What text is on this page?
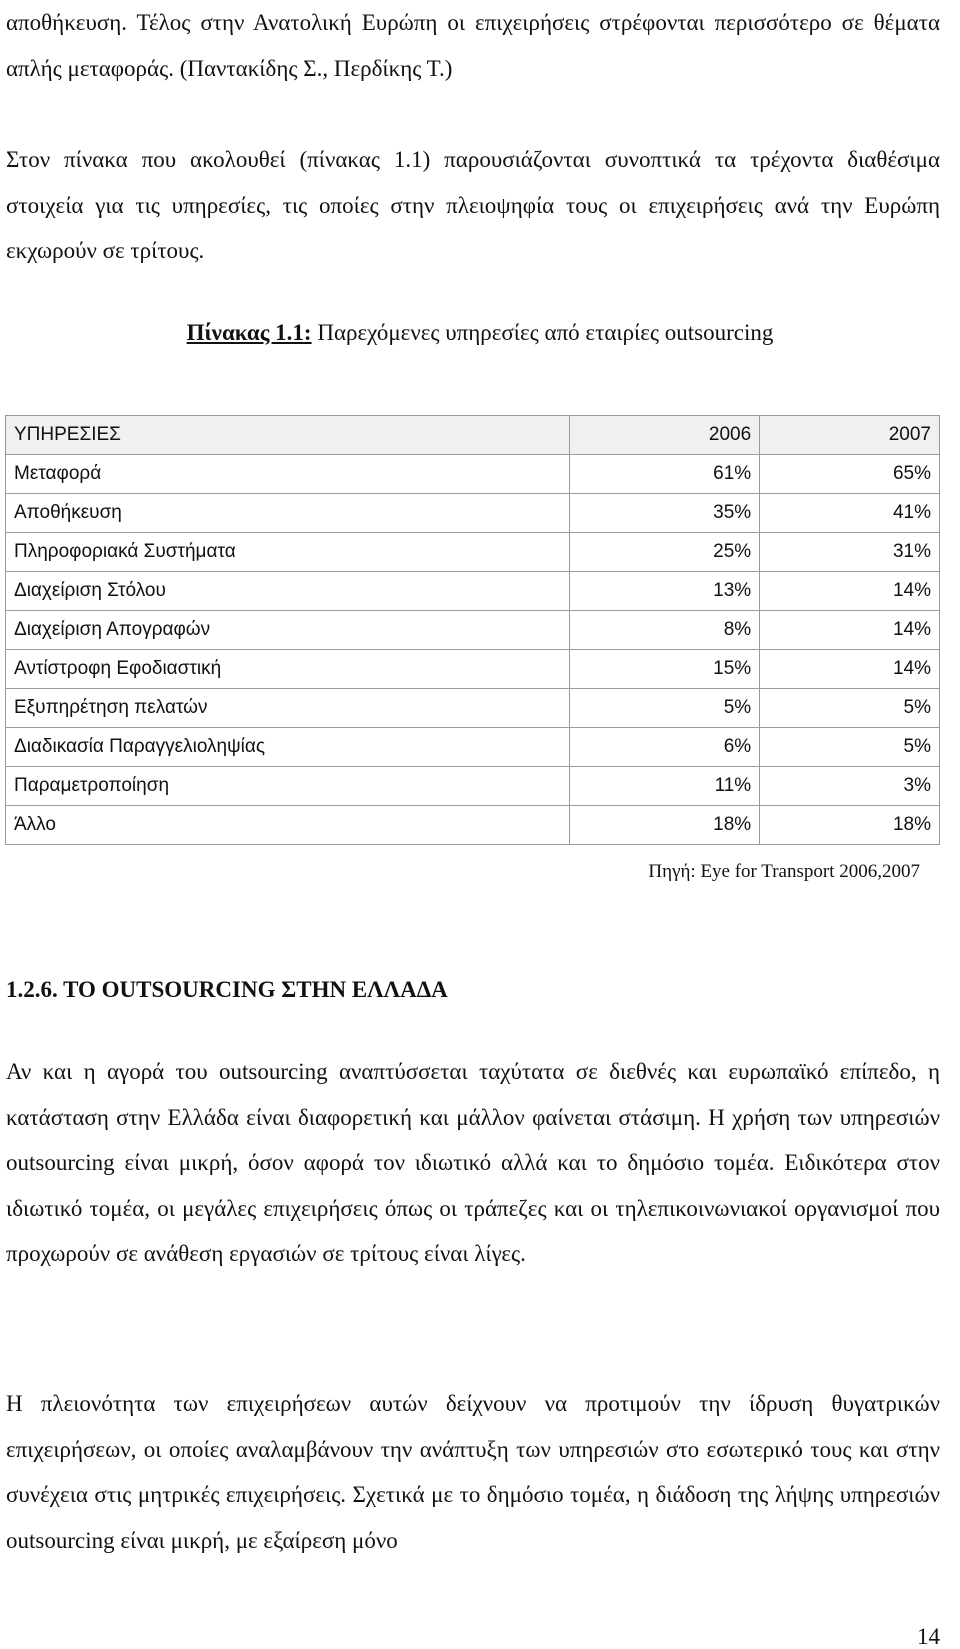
αποθήκευση. Τέλος στην Ανατολική Ευρώπη οι επιχειρήσεις στρέφονται περισσότερο σε θέματα απλής μεταφοράς. (Παντακίδης Σ., Περδίκης Τ.)

Στον πίνακα που ακολουθεί (πίνακας 1.1) παρουσιάζονται συνοπτικά τα τρέχοντα διαθέσιμα στοιχεία για τις υπηρεσίες, τις οποίες στην πλειοψηφία τους οι επιχειρήσεις ανά την Ευρώπη εκχωρούν σε τρίτους.

Πίνακας 1.1: Παρεχόμενες υπηρεσίες από εταιρίες outsourcing
ΥΠΗΡΕΣΙΕΣ	2006	2007
Μεταφορά	61%	65%
Αποθήκευση	35%	41%
Πληροφοριακά Συστήματα	25%	31%
Διαχείριση Στόλου	13%	14%
Διαχείριση Απογραφών	8%	14%
Αντίστροφη Εφοδιαστική	15%	14%
Εξυπηρέτηση πελατών	5%	5%
Διαδικασία Παραγγελιοληψίας	6%	5%
Παραμετροποίηση	11%	3%
Άλλο	18%	18%
Πηγή: Eye for Transport 2006,2007
1.2.6. ΤΟ OUTSOURCING ΣΤΗΝ ΕΛΛΑΔΑ

Αν και η αγορά του outsourcing αναπτύσσεται ταχύτατα σε διεθνές και ευρωπαϊκό επίπεδο, η κατάσταση στην Ελλάδα είναι διαφορετική και μάλλον φαίνεται στάσιμη. Η χρήση των υπηρεσιών outsourcing είναι μικρή, όσον αφορά τον ιδιωτικό αλλά και το δημόσιο τομέα. Ειδικότερα στον ιδιωτικό τομέα, οι μεγάλες επιχειρήσεις όπως οι τράπεζες και οι τηλεπικοινωνιακοί οργανισμοί που προχωρούν σε ανάθεση εργασιών σε τρίτους είναι λίγες.

Η πλειονότητα των επιχειρήσεων αυτών δείχνουν να προτιμούν την ίδρυση θυγατρικών επιχειρήσεων, οι οποίες αναλαμβάνουν την ανάπτυξη των υπηρεσιών στο εσωτερικό τους και στην συνέχεια στις μητρικές επιχειρήσεις. Σχετικά με το δημόσιο τομέα, η διάδοση της λήψης υπηρεσιών outsourcing είναι μικρή, με εξαίρεση μόνο

14
